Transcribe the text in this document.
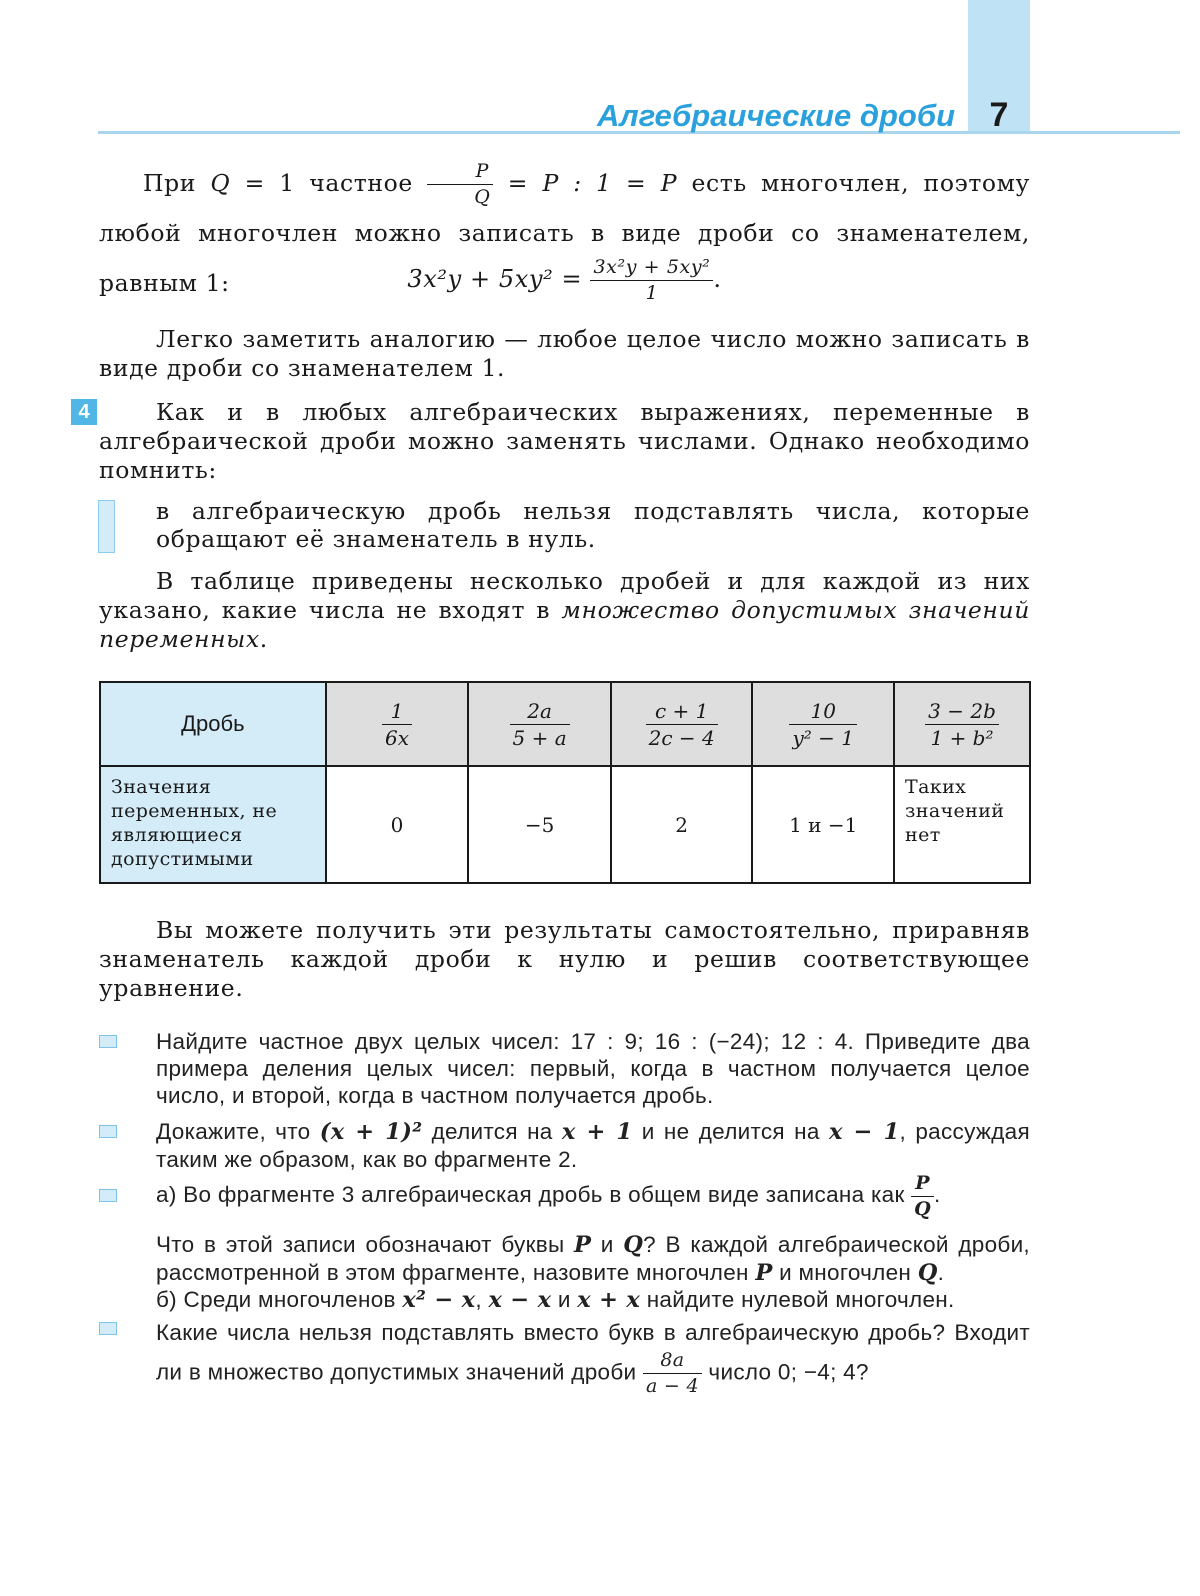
Алгебраические дроби	7
При Q = 1 частное $\frac{P}{Q} = P$ : 1 = P есть многочлен, поэтому любой многочлен можно записать в виде дроби со знаменателем, равным 1:	$3x^2y + 5xy^2 = \frac{\text{3x²y + 5xy²}}{1}$ .
Легко заметить аналогию — любое целое число можно записать в виде дроби со знаменателем 1.
4	Как и в любых алгебраических выражениях, переменные в алгебраической дроби можно заменять числами. Однако необходимо помнить:
в алгебраическую дробь нельзя подставлять числа, которые обращают её знаменатель в нуль.
В таблице приведены несколько дробей и для каждой из них указано, какие числа не входят в множество допустимых значений переменных.
Дробь	$\frac{1}{6x}$	$\frac{2a}{5 + a}$	$\frac{c + 1}{2c - 4}$	$\frac{10}{\text{y² − 1}}$	$\frac{3 - 2b}{\text{1 + b²}}$

Значения переменных, не являющиеся допустимыми	0	−5	2	1 и −1	Таких значений нет
Вы можете получить эти результаты самостоятельно, приравняв знаменатель каждой дроби к нулю и решив соответствующее уравнение.
Найдите частное двух целых чисел: 17 : 9; 16 : (−24); 12 : 4. Приведите два примера деления целых чисел: первый, когда в частном получается целое число, и второй, когда в частном получается дробь.
Докажите, что (x + 1)² делится на x + 1 и не делится на x − 1, рассуждая таким же образом, как во фрагменте 2.
а) Во фрагменте 3 алгебраическая дробь в общем виде записана как $\frac{P}{Q}$ .
Что в этой записи обозначают буквы P и Q? В каждой алгебраической дроби, рассмотренной в этом фрагменте, назовите многочлен P и многочлен Q.
б) Среди многочленов x² − x, x − x и x + x найдите нулевой многочлен.
Какие числа нельзя подставлять вместо букв в алгебраическую дробь? Входит ли в множество допустимых значений дроби $\frac{8a}{a - 4}$ число 0; −4; 4?
